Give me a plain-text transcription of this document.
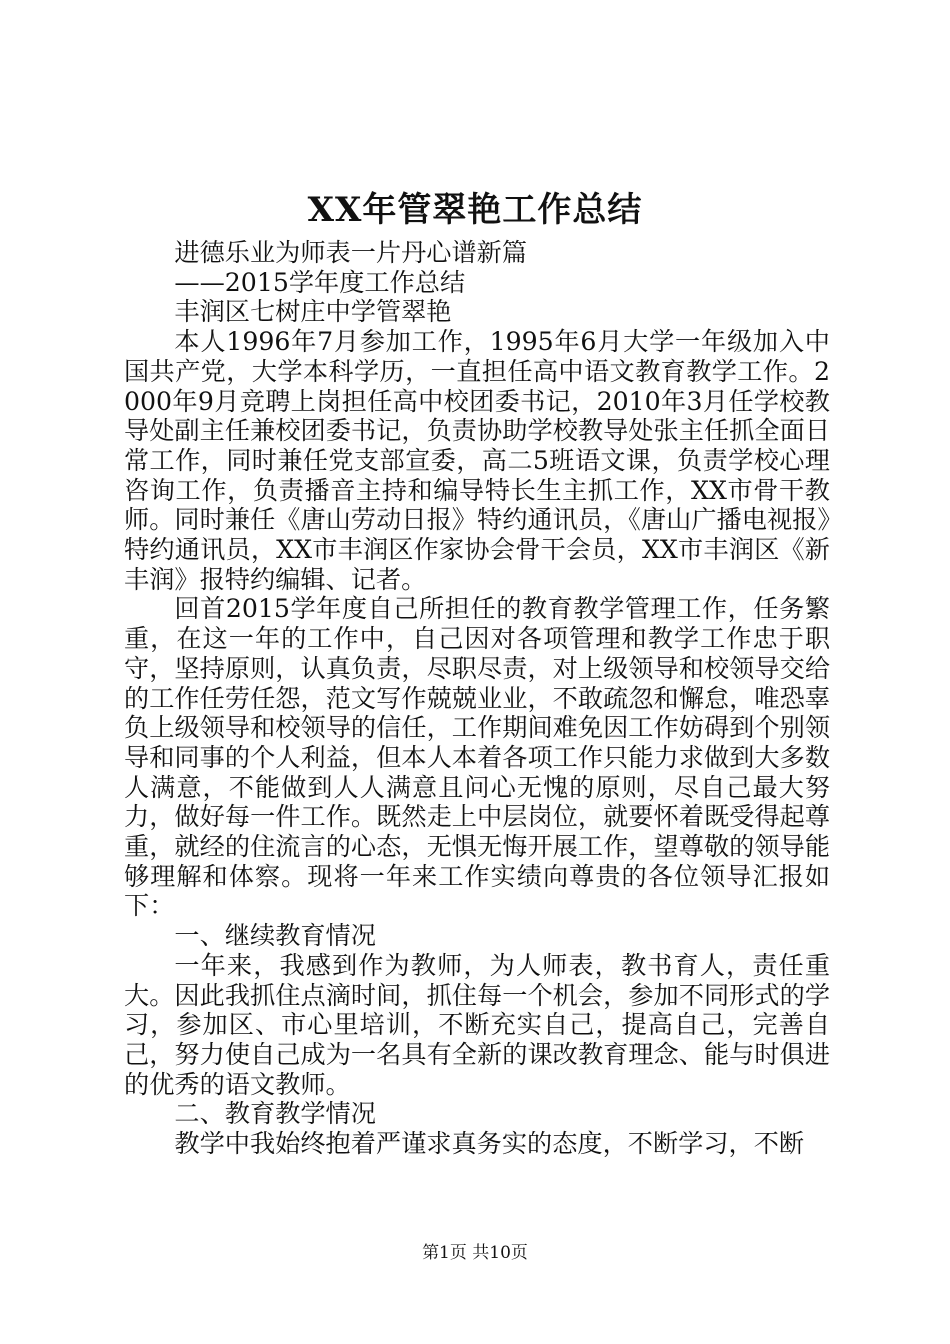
XX年管翠艳工作总结

进德乐业为师表一片丹心谱新篇

——2015学年度工作总结

丰润区七树庄中学管翠艳

本人1996年7月参加工作，1995年6月大学一年级加入中国共产党，大学本科学历，一直担任高中语文教育教学工作。2000年9月竞聘上岗担任高中校团委书记，2010年3月任学校教导处副主任兼校团委书记，负责协助学校教导处张主任抓全面日常工作，同时兼任党支部宣委，高二5班语文课，负责学校心理咨询工作，负责播音主持和编导特长生主抓工作，XX市骨干教师。同时兼任《唐山劳动日报》特约通讯员，《唐山广播电视报》特约通讯员，XX市丰润区作家协会骨干会员，XX市丰润区《新丰润》报特约编辑、记者。

回首2015学年度自己所担任的教育教学管理工作，任务繁重，在这一年的工作中，自己因对各项管理和教学工作忠于职守，坚持原则，认真负责，尽职尽责，对上级领导和校领导交给的工作任劳任怨，范文写作兢兢业业，不敢疏忽和懈怠，唯恐辜负上级领导和校领导的信任，工作期间难免因工作妨碍到个别领导和同事的个人利益，但本人本着各项工作只能力求做到大多数人满意，不能做到人人满意且问心无愧的原则，尽自己最大努力，做好每一件工作。既然走上中层岗位，就要怀着既受得起尊重，就经的住流言的心态，无惧无悔开展工作，望尊敬的领导能够理解和体察。现将一年来工作实绩向尊贵的各位领导汇报如下：

一、继续教育情况

一年来，我感到作为教师，为人师表，教书育人，责任重大。因此我抓住点滴时间，抓住每一个机会，参加不同形式的学习，参加区、市心里培训，不断充实自己，提高自己，完善自己，努力使自己成为一名具有全新的课改教育理念、能与时俱进的优秀的语文教师。

二、教育教学情况

教学中我始终抱着严谨求真务实的态度，不断学习，不断

第1页 共10页
